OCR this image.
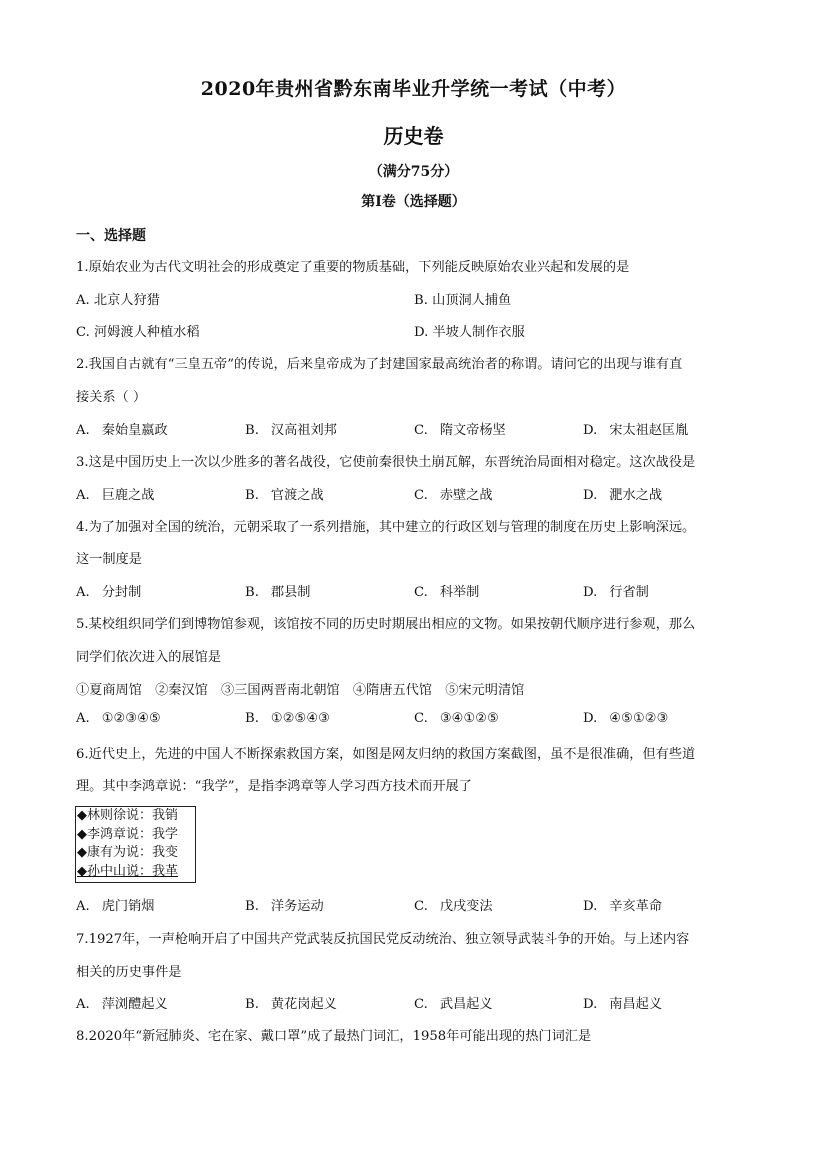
2020年贵州省黔东南毕业升学统一考试（中考）
历史卷
（满分75分）
第Ⅰ卷（选择题）
一、选择题
1.原始农业为古代文明社会的形成奠定了重要的物质基础，下列能反映原始农业兴起和发展的是
A. 北京人狩猎	B. 山顶洞人捕鱼
C. 河姆渡人种植水稻	D. 半坡人制作衣服
2.我国自古就有“三皇五帝”的传说，后来皇帝成为了封建国家最高统治者的称谓。请问它的出现与谁有直
接关系（ ）
A. 秦始皇嬴政	B. 汉高祖刘邦	C. 隋文帝杨坚	D. 宋太祖赵匡胤
3.这是中国历史上一次以少胜多的著名战役，它使前秦很快土崩瓦解，东晋统治局面相对稳定。这次战役是
A. 巨鹿之战	B. 官渡之战	C. 赤壁之战	D. 淝水之战
4.为了加强对全国的统治，元朝采取了一系列措施，其中建立的行政区划与管理的制度在历史上影响深远。
这一制度是
A. 分封制	B. 郡县制	C. 科举制	D. 行省制
5.某校组织同学们到博物馆参观，该馆按不同的历史时期展出相应的文物。如果按朝代顺序进行参观，那么
同学们依次进入的展馆是
①夏商周馆　②秦汉馆　③三国两晋南北朝馆　④隋唐五代馆　⑤宋元明清馆
A. ①②③④⑤	B. ①②⑤④③	C. ③④①②⑤	D. ④⑤①②③
6.近代史上，先进的中国人不断探索救国方案，如图是网友归纳的救国方案截图，虽不是很准确，但有些道
理。其中李鸿章说：“我学”，是指李鸿章等人学习西方技术而开展了
◆林则徐说：我销
◆李鸿章说：我学
◆康有为说：我变
◆孙中山说：我革
A. 虎门销烟	B. 洋务运动	C. 戊戌变法	D. 辛亥革命
7.1927年，一声枪响开启了中国共产党武装反抗国民党反动统治、独立领导武装斗争的开始。与上述内容
相关的历史事件是
A. 萍浏醴起义	B. 黄花岗起义	C. 武昌起义	D. 南昌起义
8.2020年“新冠肺炎、宅在家、戴口罩”成了最热门词汇，1958年可能出现的热门词汇是
